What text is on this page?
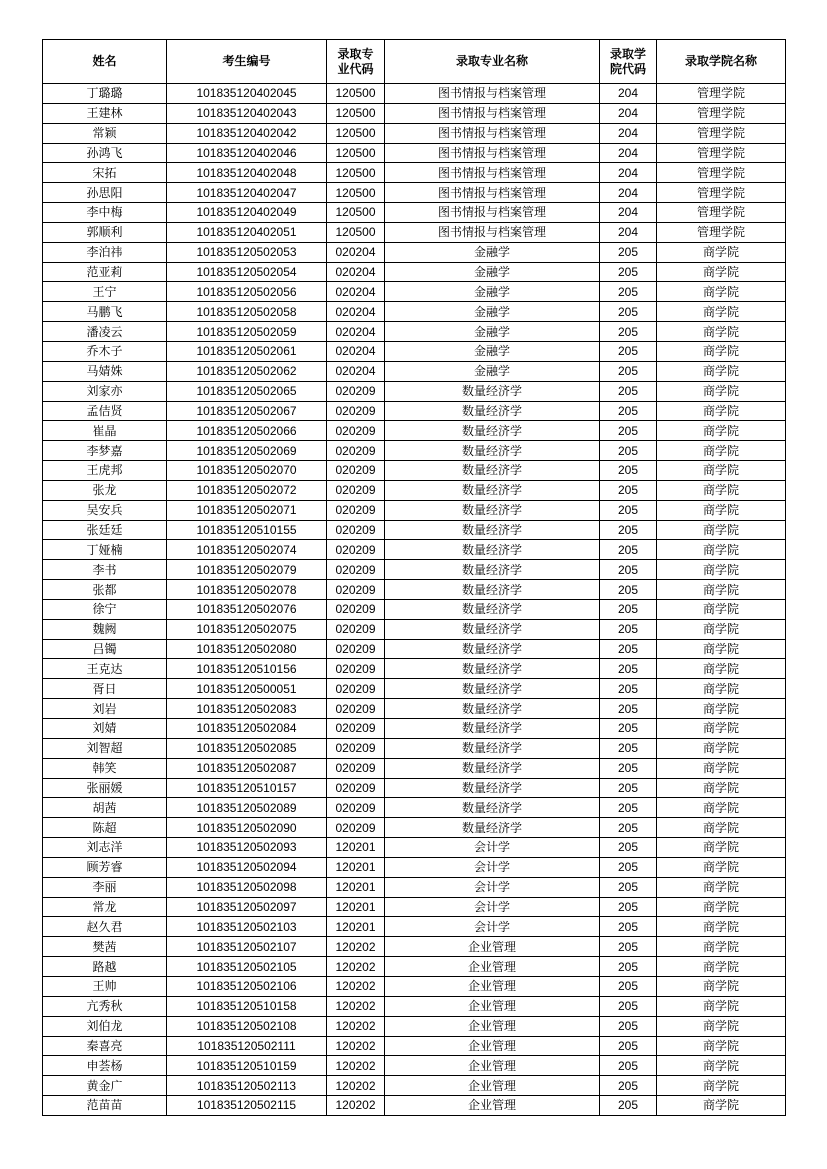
姓名	考生编号	录取专业代码	录取专业名称	录取学院代码	录取学院名称
丁璐璐	101835120402045	120500	图书情报与档案管理	204	管理学院
王建林	101835120402043	120500	图书情报与档案管理	204	管理学院
常颖	101835120402042	120500	图书情报与档案管理	204	管理学院
孙鸿飞	101835120402046	120500	图书情报与档案管理	204	管理学院
宋拓	101835120402048	120500	图书情报与档案管理	204	管理学院
孙思阳	101835120402047	120500	图书情报与档案管理	204	管理学院
李中梅	101835120402049	120500	图书情报与档案管理	204	管理学院
郭顺利	101835120402051	120500	图书情报与档案管理	204	管理学院
李泊祎	101835120502053	020204	金融学	205	商学院
范亚莉	101835120502054	020204	金融学	205	商学院
王宁	101835120502056	020204	金融学	205	商学院
马鹏飞	101835120502058	020204	金融学	205	商学院
潘凌云	101835120502059	020204	金融学	205	商学院
乔木子	101835120502061	020204	金融学	205	商学院
马婧姝	101835120502062	020204	金融学	205	商学院
刘家亦	101835120502065	020209	数量经济学	205	商学院
孟佶贤	101835120502067	020209	数量经济学	205	商学院
崔晶	101835120502066	020209	数量经济学	205	商学院
李梦嘉	101835120502069	020209	数量经济学	205	商学院
王虎邦	101835120502070	020209	数量经济学	205	商学院
张龙	101835120502072	020209	数量经济学	205	商学院
吴安兵	101835120502071	020209	数量经济学	205	商学院
张廷廷	101835120510155	020209	数量经济学	205	商学院
丁娅楠	101835120502074	020209	数量经济学	205	商学院
李书	101835120502079	020209	数量经济学	205	商学院
张都	101835120502078	020209	数量经济学	205	商学院
徐宁	101835120502076	020209	数量经济学	205	商学院
魏阙	101835120502075	020209	数量经济学	205	商学院
吕镯	101835120502080	020209	数量经济学	205	商学院
王克达	101835120510156	020209	数量经济学	205	商学院
胥日	101835120500051	020209	数量经济学	205	商学院
刘岩	101835120502083	020209	数量经济学	205	商学院
刘婧	101835120502084	020209	数量经济学	205	商学院
刘智超	101835120502085	020209	数量经济学	205	商学院
韩笑	101835120502087	020209	数量经济学	205	商学院
张丽媛	101835120510157	020209	数量经济学	205	商学院
胡茜	101835120502089	020209	数量经济学	205	商学院
陈超	101835120502090	020209	数量经济学	205	商学院
刘志洋	101835120502093	120201	会计学	205	商学院
顾芳睿	101835120502094	120201	会计学	205	商学院
李丽	101835120502098	120201	会计学	205	商学院
常龙	101835120502097	120201	会计学	205	商学院
赵久君	101835120502103	120201	会计学	205	商学院
樊茜	101835120502107	120202	企业管理	205	商学院
路越	101835120502105	120202	企业管理	205	商学院
王帅	101835120502106	120202	企业管理	205	商学院
亢秀秋	101835120510158	120202	企业管理	205	商学院
刘伯龙	101835120502108	120202	企业管理	205	商学院
秦喜亮	101835120502111	120202	企业管理	205	商学院
申荟杨	101835120510159	120202	企业管理	205	商学院
黄金广	101835120502113	120202	企业管理	205	商学院
范苗苗	101835120502115	120202	企业管理	205	商学院
